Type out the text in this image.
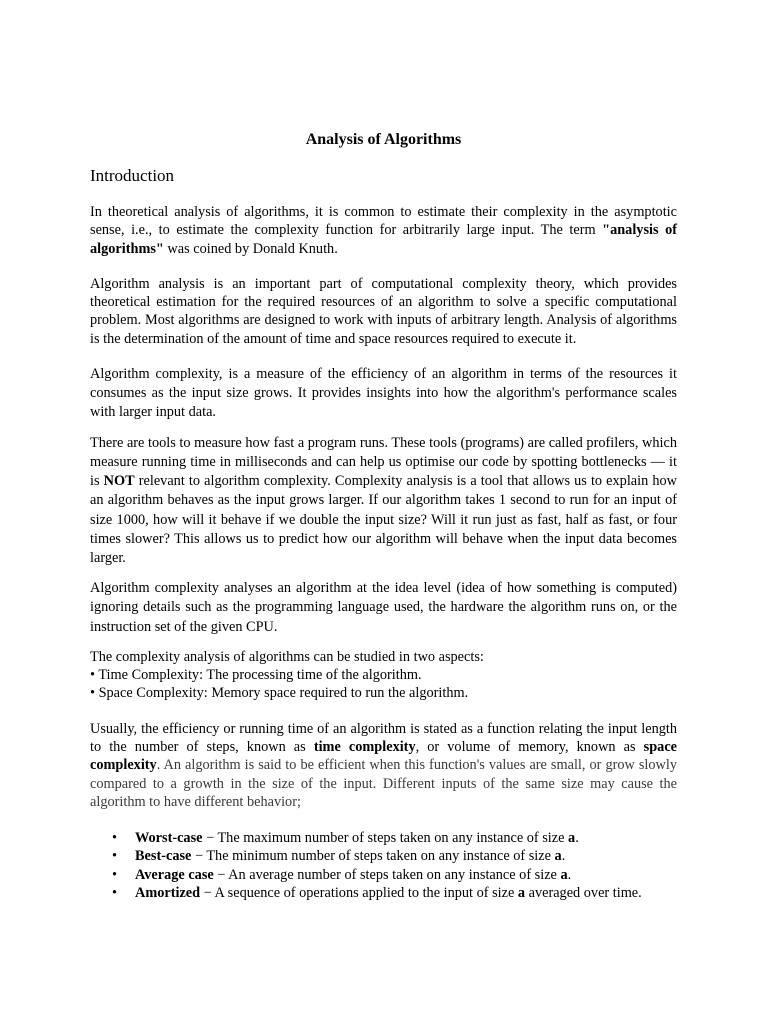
Analysis of Algorithms
Introduction

In theoretical analysis of algorithms, it is common to estimate their complexity in the asymptotic sense, i.e., to estimate the complexity function for arbitrarily large input. The term "analysis of algorithms" was coined by Donald Knuth.

Algorithm analysis is an important part of computational complexity theory, which provides theoretical estimation for the required resources of an algorithm to solve a specific computational problem. Most algorithms are designed to work with inputs of arbitrary length. Analysis of algorithms is the determination of the amount of time and space resources required to execute it.

Algorithm complexity, is a measure of the efficiency of an algorithm in terms of the resources it consumes as the input size grows. It provides insights into how the algorithm's performance scales with larger input data.

There are tools to measure how fast a program runs. These tools (programs) are called profilers, which measure running time in milliseconds and can help us optimise our code by spotting bottlenecks — it is NOT relevant to algorithm complexity. Complexity analysis is a tool that allows us to explain how an algorithm behaves as the input grows larger. If our algorithm takes 1 second to run for an input of size 1000, how will it behave if we double the input size? Will it run just as fast, half as fast, or four times slower? This allows us to predict how our algorithm will behave when the input data becomes larger.

Algorithm complexity analyses an algorithm at the idea level (idea of how something is computed) ignoring details such as the programming language used, the hardware the algorithm runs on, or the instruction set of the given CPU.

The complexity analysis of algorithms can be studied in two aspects:
• Time Complexity: The processing time of the algorithm.
• Space Complexity: Memory space required to run the algorithm.

Usually, the efficiency or running time of an algorithm is stated as a function relating the input length to the number of steps, known as time complexity, or volume of memory, known as space complexity. An algorithm is said to be efficient when this function's values are small, or grow slowly compared to a growth in the size of the input. Different inputs of the same size may cause the algorithm to have different behavior;

• Worst-case − The maximum number of steps taken on any instance of size a.
• Best-case − The minimum number of steps taken on any instance of size a.
• Average case − An average number of steps taken on any instance of size a.
• Amortized − A sequence of operations applied to the input of size a averaged over time.
